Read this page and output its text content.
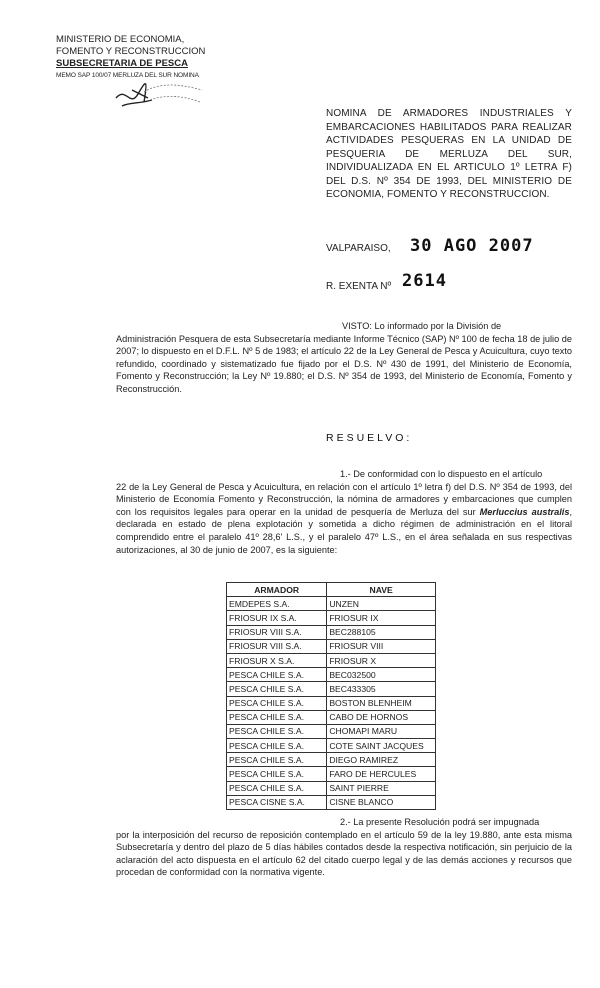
MINISTERIO DE ECONOMIA,
FOMENTO Y RECONSTRUCCION
SUBSECRETARIA DE PESCA
MEMO SAP 100/07 MERLUZA DEL SUR NOMINA
NOMINA DE ARMADORES INDUSTRIALES Y EMBARCACIONES HABILITADOS PARA REALIZAR ACTIVIDADES PESQUERAS EN LA UNIDAD DE PESQUERIA DE MERLUZA DEL SUR, INDIVIDUALIZADA EN EL ARTICULO 1º LETRA F) DEL D.S. Nº 354 DE 1993, DEL MINISTERIO DE ECONOMIA, FOMENTO Y RECONSTRUCCION.
VALPARAISO, 30 AGO 2007
R. EXENTA Nº 2614
VISTO: Lo informado por la División de
Administración Pesquera de esta Subsecretaría mediante Informe Técnico (SAP) Nº 100 de fecha 18 de julio de 2007; lo dispuesto en el D.F.L. Nº 5 de 1983; el artículo 22 de la Ley General de Pesca y Acuicultura, cuyo texto refundido, coordinado y sistematizado fue fijado por el D.S. Nº 430 de 1991, del Ministerio de Economía, Fomento y Reconstrucción; la Ley Nº 19.880; el D.S. Nº 354 de 1993, del Ministerio de Economía, Fomento y Reconstrucción.
RESUELVO:
1.- De conformidad con lo dispuesto en el artículo
22 de la Ley General de Pesca y Acuicultura, en relación con el artículo 1º letra f) del D.S. Nº 354 de 1993, del Ministerio de Economía Fomento y Reconstrucción, la nómina de armadores y embarcaciones que cumplen con los requisitos legales para operar en la unidad de pesquería de Merluza del sur Merluccius australis, declarada en estado de plena explotación y sometida a dicho régimen de administración en el litoral comprendido entre el paralelo 41º 28,6' L.S., y el paralelo 47º L.S., en el área señalada en sus respectivas autorizaciones, al 30 de junio de 2007, es la siguiente:
ARMADOR	NAVE
EMDEPES S.A.	UNZEN
FRIOSUR IX S.A.	FRIOSUR IX
FRIOSUR VIII S.A.	BEC288105
FRIOSUR VIII S.A.	FRIOSUR VIII
FRIOSUR X S.A.	FRIOSUR X
PESCA CHILE S.A.	BEC032500
PESCA CHILE S.A.	BEC433305
PESCA CHILE S.A.	BOSTON BLENHEIM
PESCA CHILE S.A.	CABO DE HORNOS
PESCA CHILE S.A.	CHOMAPI MARU
PESCA CHILE S.A.	COTE SAINT JACQUES
PESCA CHILE S.A.	DIEGO RAMIREZ
PESCA CHILE S.A.	FARO DE HERCULES
PESCA CHILE S.A.	SAINT PIERRE
PESCA CISNE S.A.	CISNE BLANCO
2.- La presente Resolución podrá ser impugnada
por la interposición del recurso de reposición contemplado en el artículo 59 de la ley 19.880, ante esta misma Subsecretaría y dentro del plazo de 5 días hábiles contados desde la respectiva notificación, sin perjuicio de la aclaración del acto dispuesta en el artículo 62 del citado cuerpo legal y de las demás acciones y recursos que procedan de conformidad con la normativa vigente.
